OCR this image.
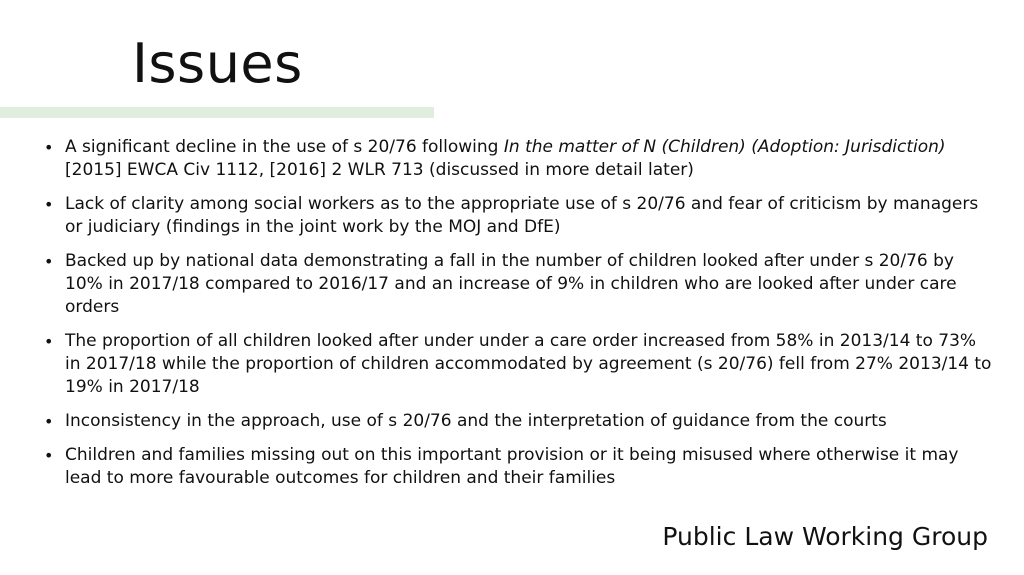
Issues
• A significant decline in the use of s 20/76 following In the matter of N (Children) (Adoption: Jurisdiction) [2015] EWCA Civ 1112, [2016] 2 WLR 713 (discussed in more detail later)
• Lack of clarity among social workers as to the appropriate use of s 20/76 and fear of criticism by managers or judiciary (findings in the joint work by the MOJ and DfE)
• Backed up by national data demonstrating a fall in the number of children looked after under s 20/76 by 10% in 2017/18 compared to 2016/17 and an increase of 9% in children who are looked after under care orders
• The proportion of all children looked after under under a care order increased from 58% in 2013/14 to 73% in 2017/18 while the proportion of children accommodated by agreement (s 20/76) fell from 27% 2013/14 to 19% in 2017/18
• Inconsistency in the approach, use of s 20/76 and the interpretation of guidance from the courts
• Children and families missing out on this important provision or it being misused where otherwise it may lead to more favourable outcomes for children and their families
Public Law Working Group
